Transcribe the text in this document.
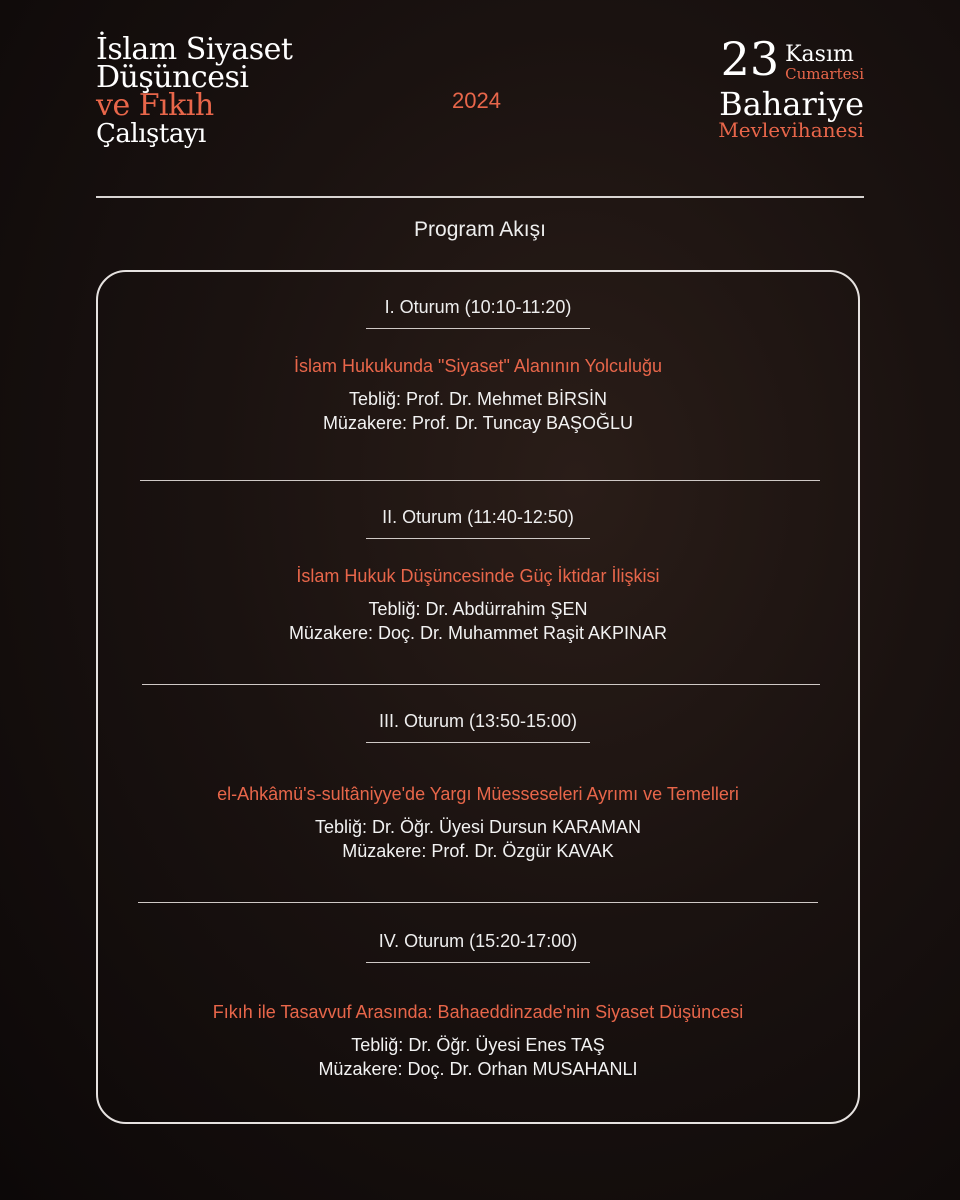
İslam Siyaset
Düşüncesi
ve Fıkıh
Çalıştayı
2024
23 Kasım
Cumartesi
Bahariye
Mevlevihanesi
Program Akışı
I. Oturum (10:10-11:20)
İslam Hukukunda "Siyaset" Alanının Yolculuğu
Tebliğ: Prof. Dr. Mehmet BİRSİN
Müzakere: Prof. Dr. Tuncay BAŞOĞLU
II. Oturum (11:40-12:50)
İslam Hukuk Düşüncesinde Güç İktidar İlişkisi
Tebliğ: Dr. Abdürrahim ŞEN
Müzakere: Doç. Dr. Muhammet Raşit AKPINAR
III. Oturum (13:50-15:00)
el-Ahkâmü's-sultâniyye'de Yargı Müesseseleri Ayrımı ve Temelleri
Tebliğ: Dr. Öğr. Üyesi Dursun KARAMAN
Müzakere: Prof. Dr. Özgür KAVAK
IV. Oturum (15:20-17:00)
Fıkıh ile Tasavvuf Arasında: Bahaeddinzade'nin Siyaset Düşüncesi
Tebliğ: Dr. Öğr. Üyesi Enes TAŞ
Müzakere: Doç. Dr. Orhan MUSAHANLI
